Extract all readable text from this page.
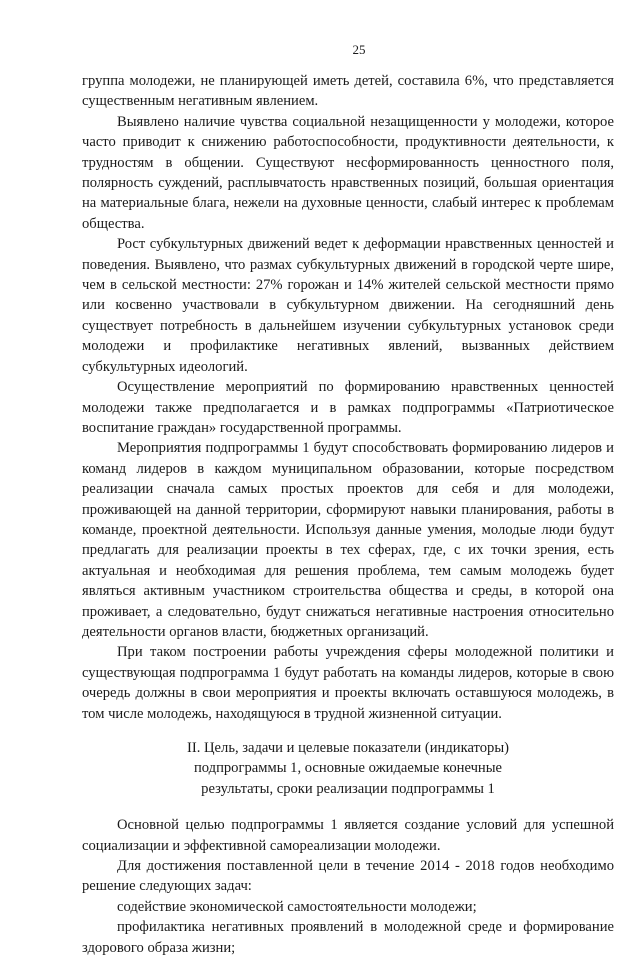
25

группа молодежи, не планирующей иметь детей, составила 6%, что представляется существенным негативным явлением.

Выявлено наличие чувства социальной незащищенности у молодежи, которое часто приводит к снижению работоспособности, продуктивности деятельности, к трудностям в общении. Существуют несформированность ценностного поля, полярность суждений, расплывчатость нравственных позиций, большая ориентация на материальные блага, нежели на духовные ценности, слабый интерес к проблемам общества.

Рост субкультурных движений ведет к деформации нравственных ценностей и поведения. Выявлено, что размах субкультурных движений в городской черте шире, чем в сельской местности: 27% горожан и 14% жителей сельской местности прямо или косвенно участвовали в субкультурном движении. На сегодняшний день существует потребность в дальнейшем изучении субкультурных установок среди молодежи и профилактике негативных явлений, вызванных действием субкультурных идеологий.

Осуществление мероприятий по формированию нравственных ценностей молодежи также предполагается и в рамках подпрограммы «Патриотическое воспитание граждан» государственной программы.

Мероприятия подпрограммы 1 будут способствовать формированию лидеров и команд лидеров в каждом муниципальном образовании, которые посредством реализации сначала самых простых проектов для себя и для молодежи, проживающей на данной территории, сформируют навыки планирования, работы в команде, проектной деятельности. Используя данные умения, молодые люди будут предлагать для реализации проекты в тех сферах, где, с их точки зрения, есть актуальная и необходимая для решения проблема, тем самым молодежь будет являться активным участником строительства общества и среды, в которой она проживает, а следовательно, будут снижаться негативные настроения относительно деятельности органов власти, бюджетных организаций.

При таком построении работы учреждения сферы молодежной политики и существующая подпрограмма 1 будут работать на команды лидеров, которые в свою очередь должны в свои мероприятия и проекты включать оставшуюся молодежь, в том числе молодежь, находящуюся в трудной жизненной ситуации.

II. Цель, задачи и целевые показатели (индикаторы)
подпрограммы 1, основные ожидаемые конечные
результаты, сроки реализации подпрограммы 1

Основной целью подпрограммы 1 является создание условий для успешной социализации и эффективной самореализации молодежи.

Для достижения поставленной цели в течение 2014 - 2018 годов необходимо решение следующих задач:

содействие экономической самостоятельности молодежи;

профилактика негативных проявлений в молодежной среде и формирование здорового образа жизни;
